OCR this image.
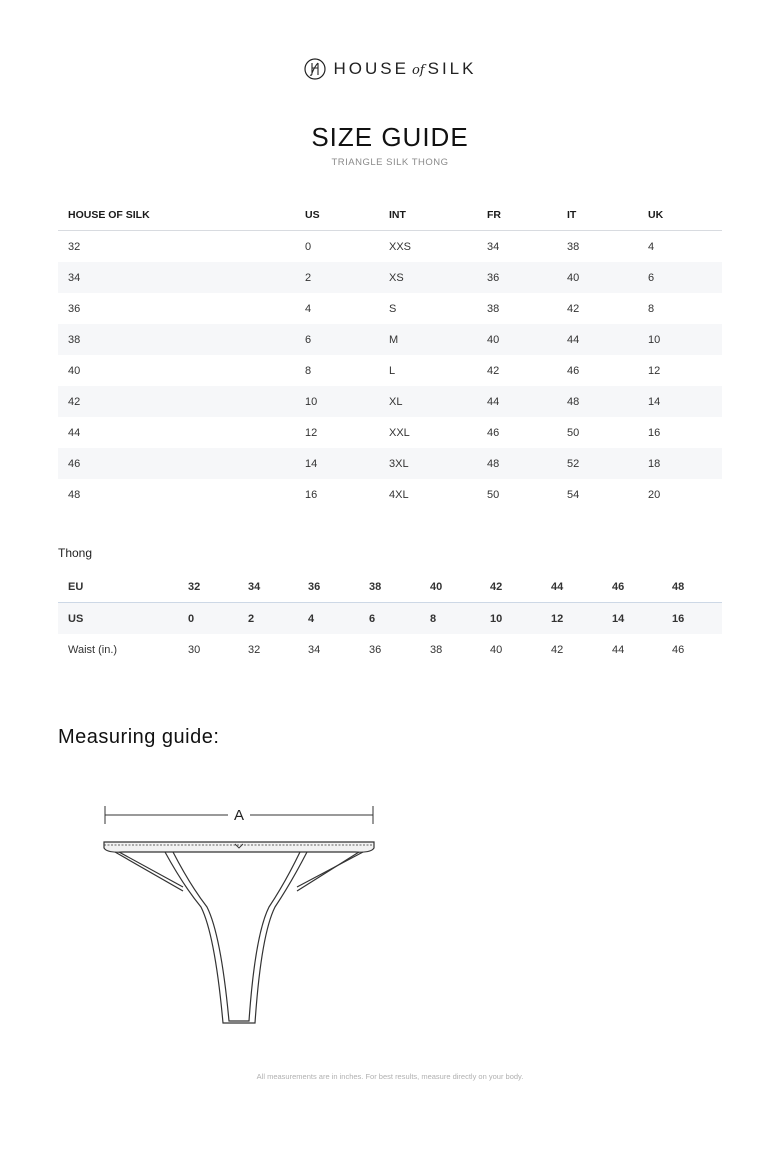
HOUSE of SILK
SIZE GUIDE
TRIANGLE SILK THONG
HOUSE OF SILK	US	INT	FR	IT	UK
32	0	XXS	34	38	4
34	2	XS	36	40	6
36	4	S	38	42	8
38	6	M	40	44	10
40	8	L	42	46	12
42	10	XL	44	48	14
44	12	XXL	46	50	16
46	14	3XL	48	52	18
48	16	4XL	50	54	20
Thong
EU	32	34	36	38	40	42	44	46	48
US	0	2	4	6	8	10	12	14	16
Waist (in.)	30	32	34	36	38	40	42	44	46
Measuring guide:
A
All measurements are in inches. For best results, measure directly on your body.
